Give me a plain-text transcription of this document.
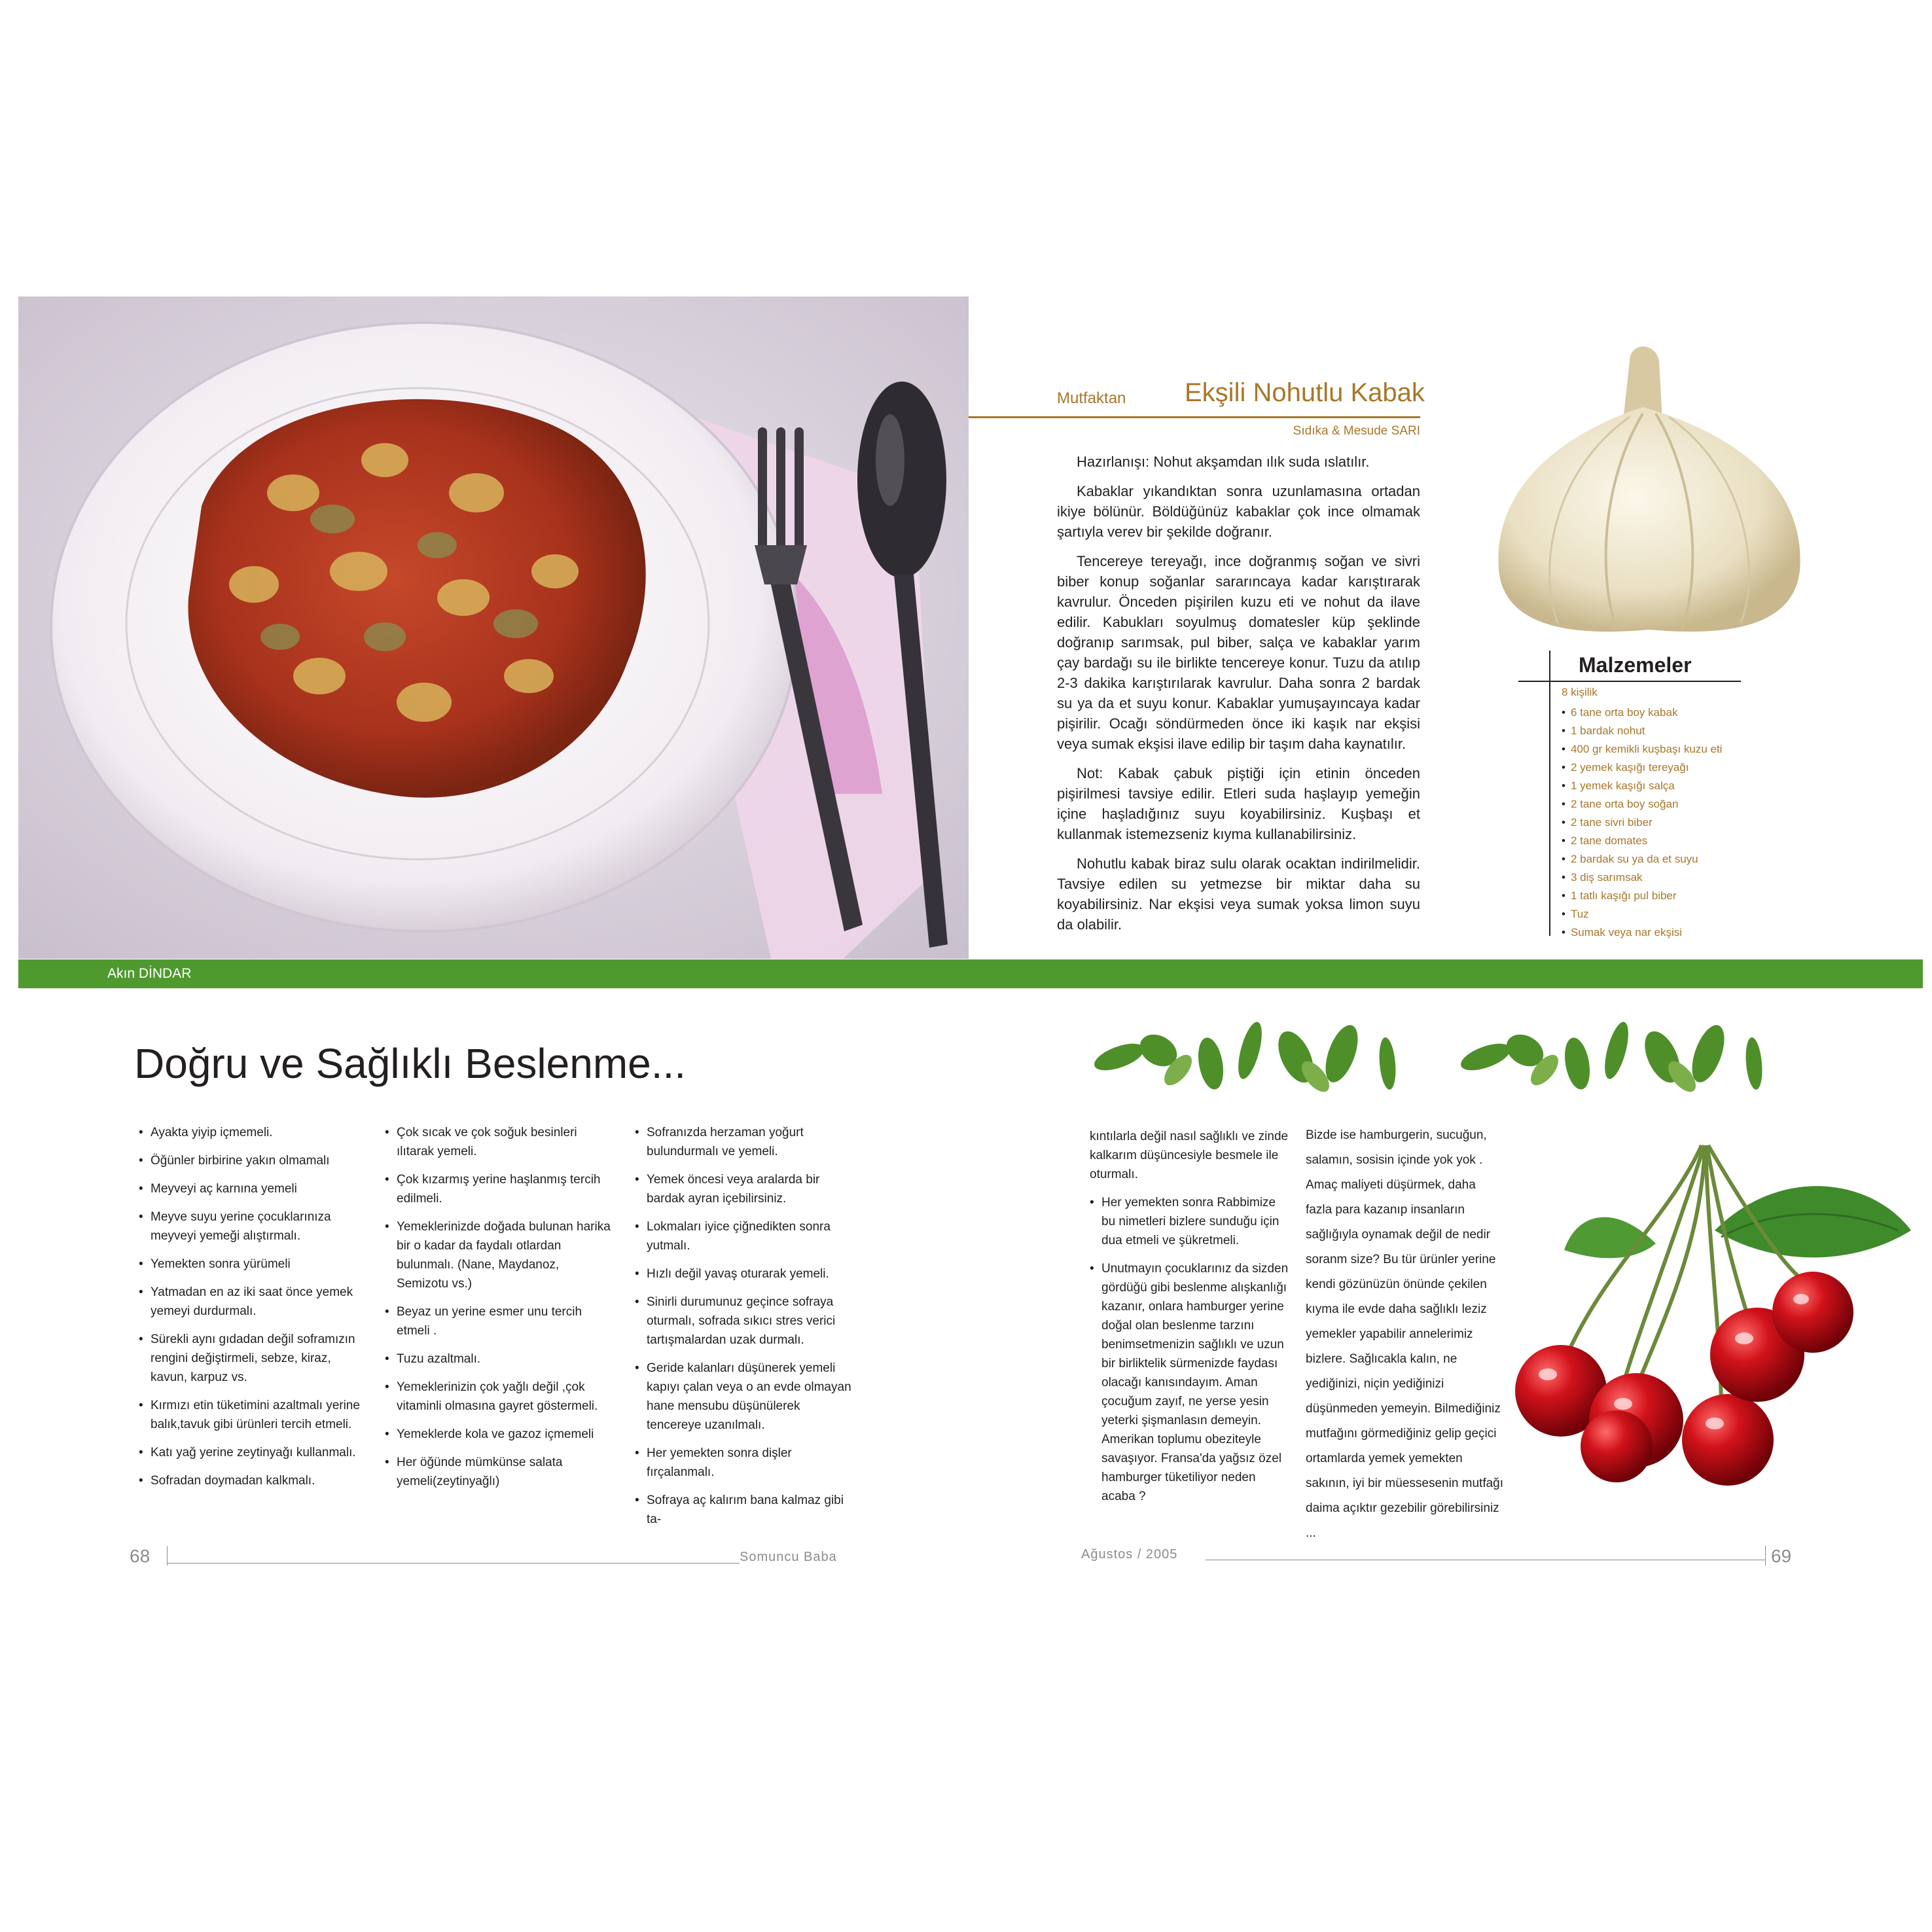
Mutfaktan Ekşili Nohutlu Kabak
Sıdıka & Mesude SARI

Hazırlanışı: Nohut akşamdan ılık suda ıslatılır.

Kabaklar yıkandıktan sonra uzunlamasına ortadan ikiye bölünür. Böldüğünüz kabaklar çok ince olmamak şartıyla verev bir şekilde doğranır.

Tencereye tereyağı, ince doğranmış soğan ve sivri biber konup soğanlar sararıncaya kadar karıştırarak kavrulur. Önceden pişirilen kuzu eti ve nohut da ilave edilir. Kabukları soyulmuş domatesler küp şeklinde doğranıp sarımsak, pul biber, salça ve kabaklar yarım çay bardağı su ile birlikte tencereye konur. Tuzu da atılıp 2-3 dakika karıştırılarak kavrulur. Daha sonra 2 bardak su ya da et suyu konur. Kabaklar yumuşayıncaya kadar pişirilir. Ocağı söndürmeden önce iki kaşık nar ekşisi veya sumak ekşisi ilave edilip bir taşım daha kaynatılır.

Not: Kabak çabuk piştiği için etinin önceden pişirilmesi tavsiye edilir. Etleri suda haşlayıp yemeğin içine haşladığınız suyu koyabilirsiniz. Kuşbaşı et kullanmak istemezseniz kıyma kullanabilirsiniz.

Nohutlu kabak biraz sulu olarak ocaktan indirilmelidir. Tavsiye edilen su yetmezse bir miktar daha su koyabilirsiniz. Nar ekşisi veya sumak yoksa limon suyu da olabilir.

Malzemeler
8 kişilik
• 6 tane orta boy kabak
• 1 bardak nohut
• 400 gr kemikli kuşbaşı kuzu eti
• 2 yemek kaşığı tereyağı
• 1 yemek kaşığı salça
• 2 tane orta boy soğan
• 2 tane sivri biber
• 2 tane domates
• 2 bardak su ya da et suyu
• 3 diş sarımsak
• 1 tatlı kaşığı pul biber
• Tuz
• Sumak veya nar ekşisi
Akın DİNDAR
Doğru ve Sağlıklı Beslenme...
• Ayakta yiyip içmemeli.
• Öğünler birbirine yakın olmamalı
• Meyveyi aç karnına yemeli
• Meyve suyu yerine çocuklarınıza meyveyi yemeği alıştırmalı.
• Yemekten sonra yürümeli
• Yatmadan en az iki saat önce yemek yemeyi durdurmalı.
• Sürekli aynı gıdadan değil soframızın rengini değiştirmeli, sebze, kiraz, kavun, karpuz vs.
• Kırmızı etin tüketimini azaltmalı yerine balık,tavuk gibi ürünleri tercih etmeli.
• Katı yağ yerine zeytinyağı kullanmalı.
• Sofradan doymadan kalkmalı.
• Çok sıcak ve çok soğuk besinleri ılıtarak yemeli.
• Çok kızarmış yerine haşlanmış tercih edilmeli.
• Yemeklerinizde doğada bulunan harika bir o kadar da faydalı otlardan bulunmalı. (Nane, Maydanoz, Semizotu vs.)
• Beyaz un yerine esmer unu tercih etmeli .
• Tuzu azaltmalı.
• Yemeklerinizin çok yağlı değil ,çok vitaminli olmasına gayret göstermeli.
• Yemeklerde kola ve gazoz içmemeli
• Her öğünde mümkünse salata yemeli(zeytinyağlı)
• Sofranızda herzaman yoğurt bulundurmalı ve yemeli.
• Yemek öncesi veya aralarda bir bardak ayran içebilirsiniz.
• Lokmaları iyice çiğnedikten sonra yutmalı.
• Hızlı değil yavaş oturarak yemeli.
• Sinirli durumunuz geçince sofraya oturmalı, sofrada sıkıcı stres verici tartışmalardan uzak durmalı.
• Geride kalanları düşünerek yemeli kapıyı çalan veya o an evde olmayan hane mensubu düşünülerek tencereye uzanılmalı.
• Her yemekten sonra dişler fırçalanmalı.
• Sofraya aç kalırım bana kalmaz gibi ta-
kıntılarla değil nasıl sağlıklı ve zinde kalkarım düşüncesiyle besmele ile oturmalı.
• Her yemekten sonra Rabbimize bu nimetleri bizlere sunduğu için dua etmeli ve şükretmeli.
• Unutmayın çocuklarınız da sizden gördüğü gibi beslenme alışkanlığı kazanır, onlara hamburger yerine doğal olan beslenme tarzını benimsetmenizin sağlıklı ve uzun bir birliktelik sürmenizde faydası olacağı kanısındayım. Aman çocuğum zayıf, ne yerse yesin yeterki şişmanlasın demeyin. Amerikan toplumu obeziteyle savaşıyor. Fransa'da yağsız özel hamburger tüketiliyor neden acaba ?
Bizde ise hamburgerin, sucuğun, salamın, sosisin içinde yok yok . Amaç maliyeti düşürmek, daha fazla para kazanıp insanların sağlığıyla oynamak değil de nedir soranm size? Bu tür ürünler yerine kendi gözünüzün önünde çekilen kıyma ile evde daha sağlıklı leziz yemekler yapabilir annelerimiz bizlere. Sağlıcakla kalın, ne yediğinizi, niçin yediğinizi düşünmeden yemeyin. Bilmediğiniz mutfağını görmediğiniz gelip geçici ortamlarda yemek yemekten sakının, iyi bir müessesenin mutfağı daima açıktır gezebilir görebilirsiniz ...
68	Somuncu Baba	Ağustos / 2005	69
